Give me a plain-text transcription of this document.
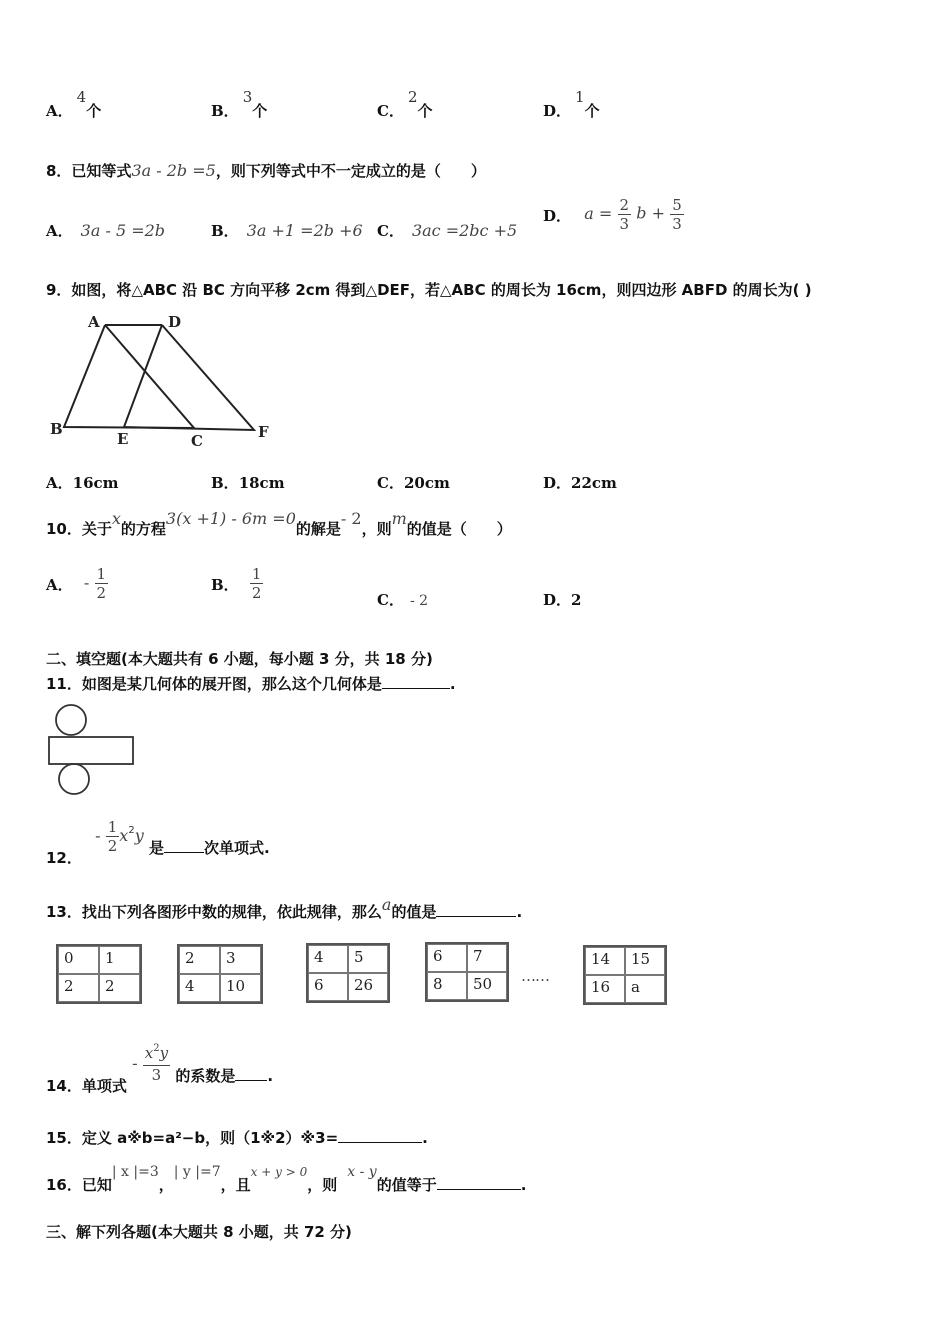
A．4个	B．3个	C．2个	D．1个
8．已知等式3a - 2b =5，则下列等式中不一定成立的是（　　）
A． 3a - 5 =2b	B． 3a +1 =2b +6 C． 3ac =2bc +5
D． $a = \frac{2}{3}$ $b + \frac{5}{3}$
9．如图，将△ABC 沿 BC 方向平移 2cm 得到△DEF，若△ABC 的周长为 16cm，则四边形 ABFD 的周长为( )
A	D
B
E	C	F
A．16cm	B．18cm	C．20cm	D．22cm
10．关于x的方程3(x +1) - 6m =0的解是- 2，则m的值是（　　）
A． - $\frac{1}{2}$	B． $\frac{1}{2}$	C． - 2	D．2
二、填空题(本大题共有 6 小题，每小题 3 分，共 18 分)
11．如图是某几何体的展开图，那么这个几何体是	.
12． - $\frac{1}{2} x^2y$ 是	次单项式.
13．找出下列各图形中数的规律，依此规律，那么a的值是	.
0	1
2	2
2	3
4	10
4	5
6	26
6	7
8	50	……
14	15
16	a
14．单项式 - $\frac{x^2y}{3}$ 的系数是 .
15．定义 a※b=a²−b，则（1※2）※3=	.
16．已知| x |=3，| y |=7，且x + y > 0，则x - y的值等于	.
三、解下列各题(本大题共 8 小题，共 72 分)
